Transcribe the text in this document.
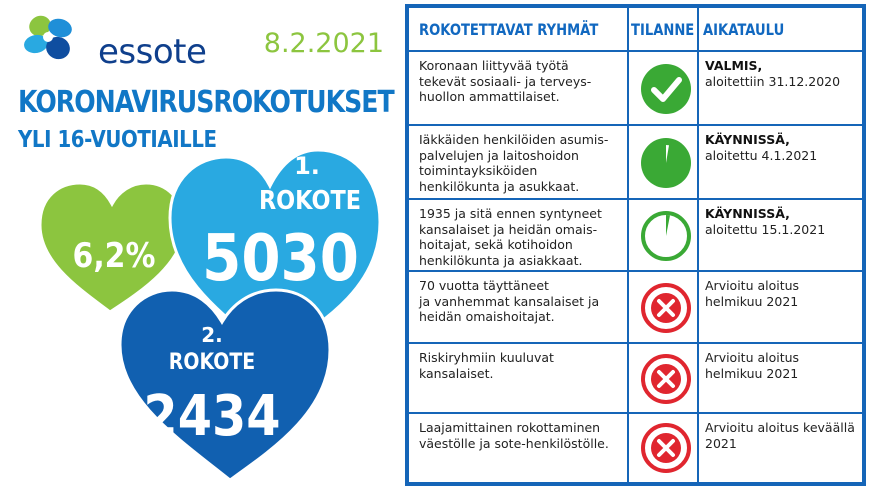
essote 8.2.2021
KORONAVIRUSROKOTUKSET
YLI 16-VUOTIAILLE
6,2%
1.
ROKOTE
5030
2.
ROKOTE
2434
ROKOTETTAVAT RYHMÄT TILANNE AIKATAULU
Koronaan liittyvää työtä
tekevät sosiaali- ja terveys-
huollon ammattilaiset.
VALMIS,
aloitettiin 31.12.2020
Iäkkäiden henkilöiden asumis-
palvelujen ja laitoshoidon
toimintayksiköiden
henkilökunta ja asukkaat.
KÄYNNISSÄ,
aloitettu 4.1.2021
1935 ja sitä ennen syntyneet
kansalaiset ja heidän omais-
hoitajat, sekä kotihoidon
henkilökunta ja asiakkaat.
KÄYNNISSÄ,
aloitettu 15.1.2021
70 vuotta täyttäneet
ja vanhemmat kansalaiset ja
heidän omaishoitajat.
Arvioitu aloitus helmikuu 2021
Riskiryhmiin kuuluvat
kansalaiset.
Arvioitu aloitus helmikuu 2021
Laajamittainen rokottaminen
väestölle ja sote-henkilöstölle.
Arvioitu aloitus keväällä 2021
